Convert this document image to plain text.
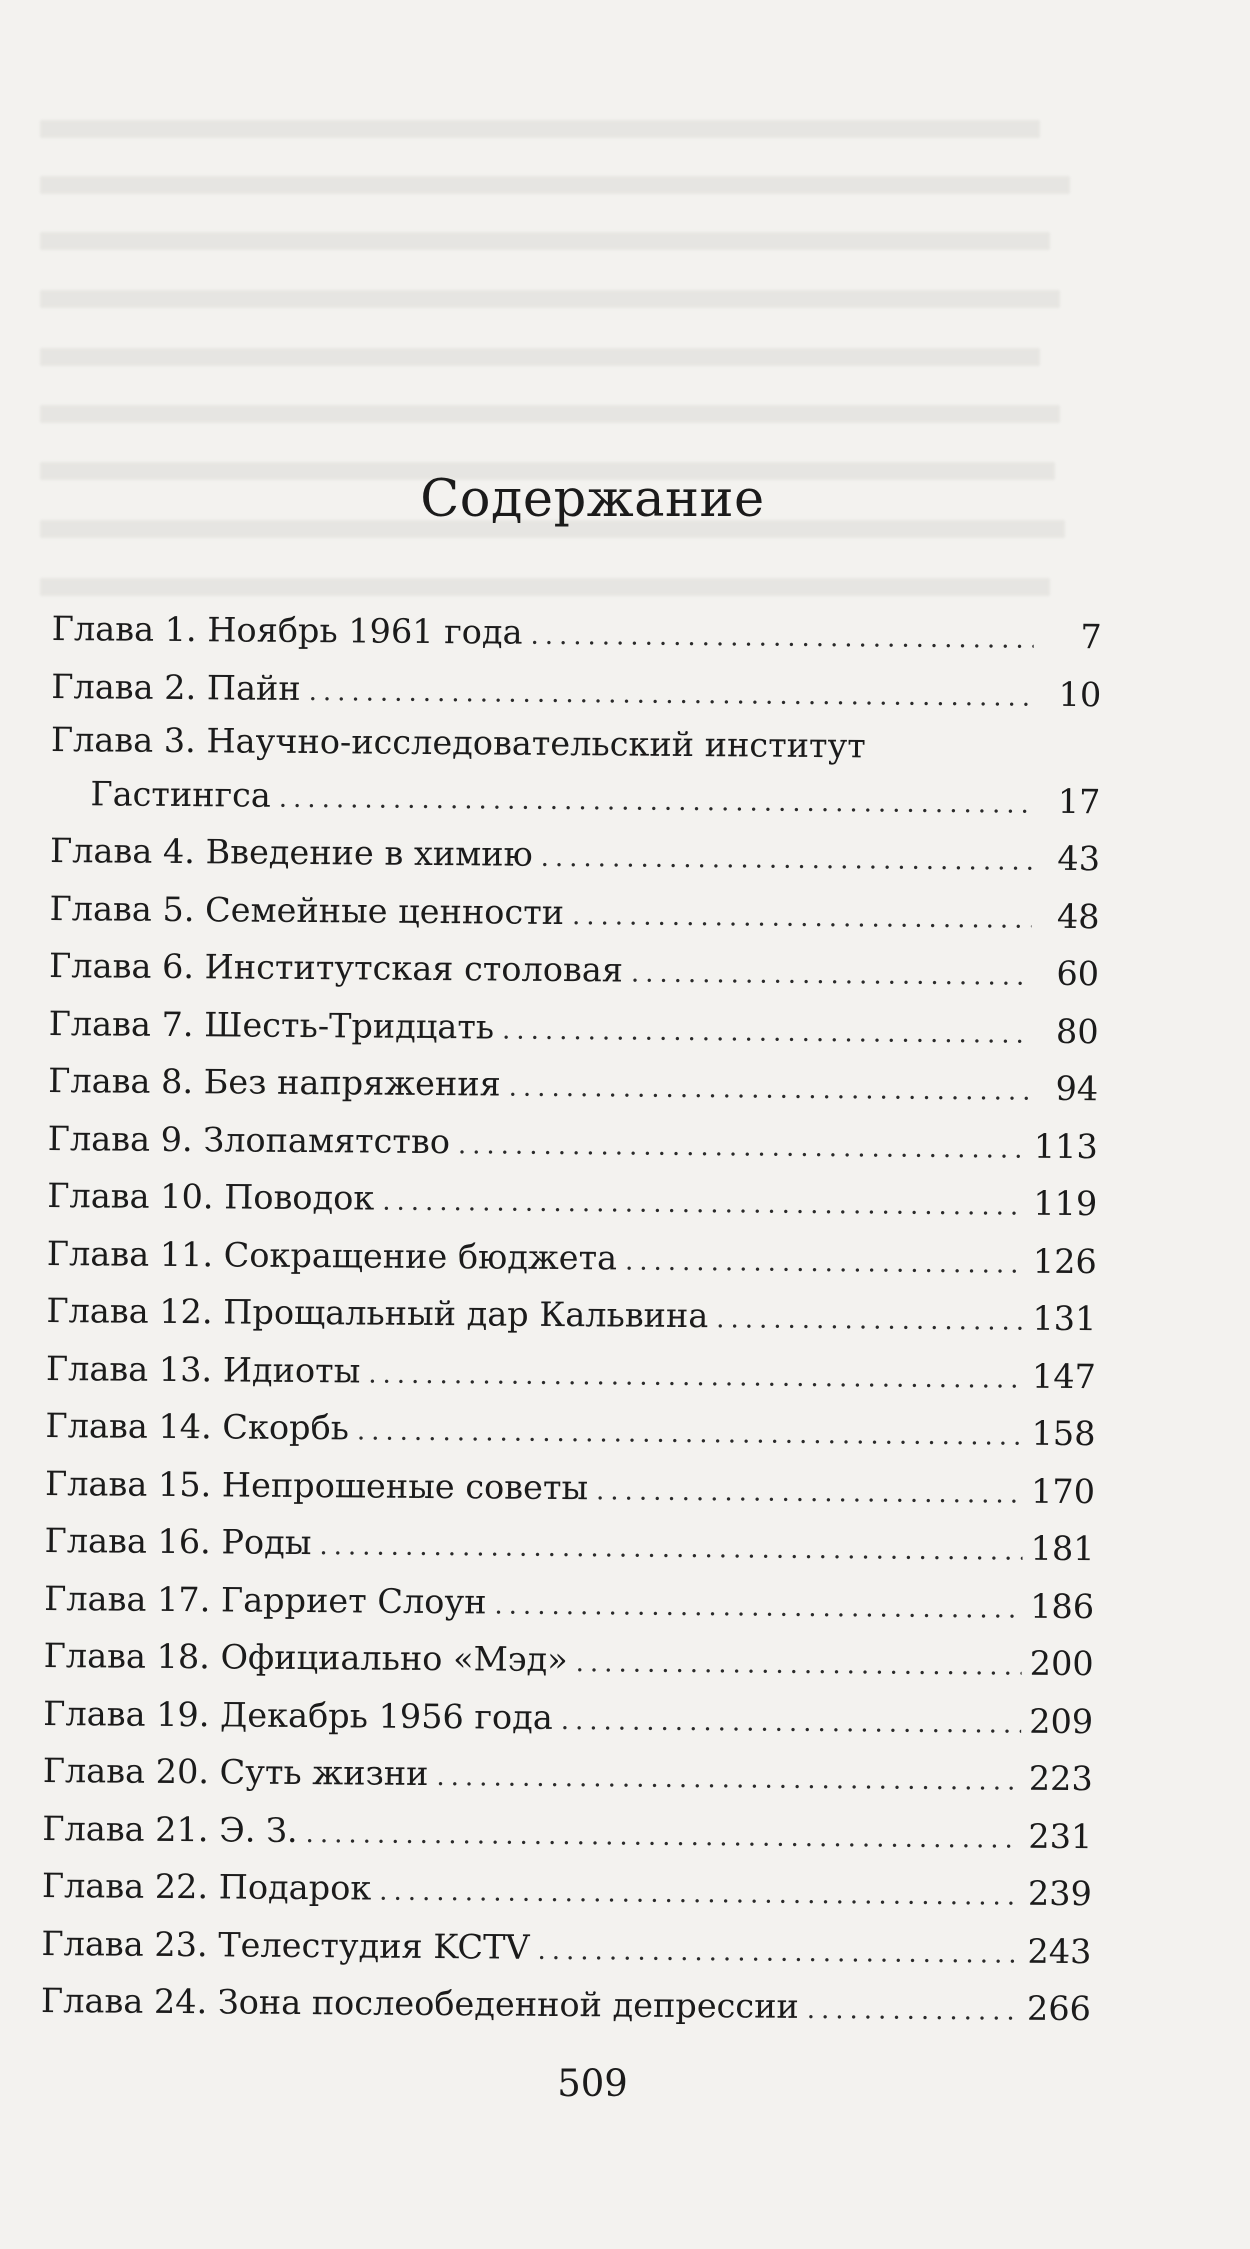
Содержание
Глава 1. Ноябрь 1961 года .....	7
Глава 2. Пайн .....	10
Глава 3. Научно-исследовательский институт
Гастингса .....	17
Глава 4. Введение в химию .....	43
Глава 5. Семейные ценности .....	48
Глава 6. Институтская столовая .....	60
Глава 7. Шесть-Тридцать .....	80
Глава 8. Без напряжения .....	94
Глава 9. Злопамятство .....	113
Глава 10. Поводок .....	119
Глава 11. Сокращение бюджета .....	126
Глава 12. Прощальный дар Кальвина .....	131
Глава 13. Идиоты .....	147
Глава 14. Скорбь .....	158
Глава 15. Непрошеные советы .....	170
Глава 16. Роды .....	181
Глава 17. Гарриет Слоун .....	186
Глава 18. Официально «Мэд» .....	200
Глава 19. Декабрь 1956 года .....	209
Глава 20. Суть жизни .....	223
Глава 21. Э. З. .....	231
Глава 22. Подарок .....	239
Глава 23. Телестудия KCTV .....	243
Глава 24. Зона послеобеденной депрессии .....	266

509
